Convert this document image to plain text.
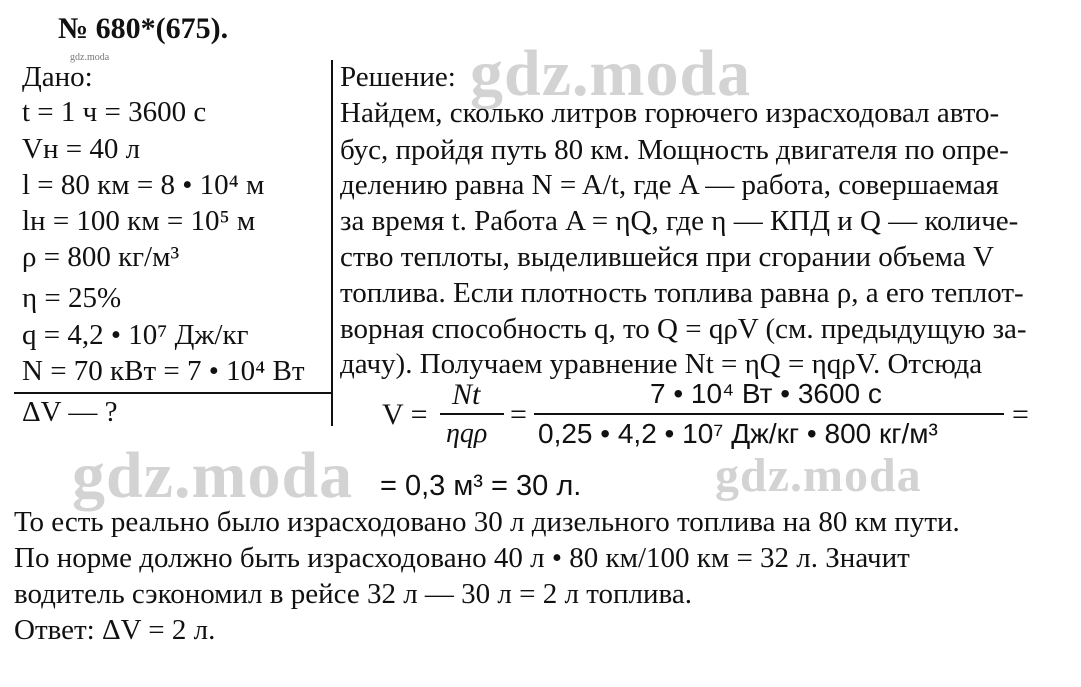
№ 680*(675).
gdz.moda	gdz.moda
gdz.moda	gdz.moda
Дано:
t = 1 ч = 3600 с
Vн = 40 л
l = 80 км = 8 • 10⁴ м
lн = 100 км = 10⁵ м
ρ = 800 кг/м³
η = 25%
q = 4,2 • 10⁷ Дж/кг
N = 70 кВт = 7 • 10⁴ Вт
ΔV — ?
Решение:
Найдем, сколько литров горючего израсходовал авто-
бус, пройдя путь 80 км. Мощность двигателя по опре-
делению равна N = A/t, где A — работа, совершаемая
за время t. Работа A = ηQ, где η — КПД и Q — количе-
ство теплоты, выделившейся при сгорании объема V
топлива. Если плотность топлива равна ρ, а его теплот-
ворная способность q, то Q = qρV (см. предыдущую за-
дачу). Получаем уравнение Nt = ηQ = ηqρV. Отсюда
V =
Nt
ηqρ
=
7 • 10⁴ Вт • 3600 с
0,25 • 4,2 • 10⁷ Дж/кг • 800 кг/м³
=
= 0,3 м³ = 30 л.
То есть реально было израсходовано 30 л дизельного топлива на 80 км пути.
По норме должно быть израсходовано 40 л • 80 км/100 км = 32 л. Значит
водитель сэкономил в рейсе 32 л — 30 л = 2 л топлива.
Ответ: ΔV = 2 л.
